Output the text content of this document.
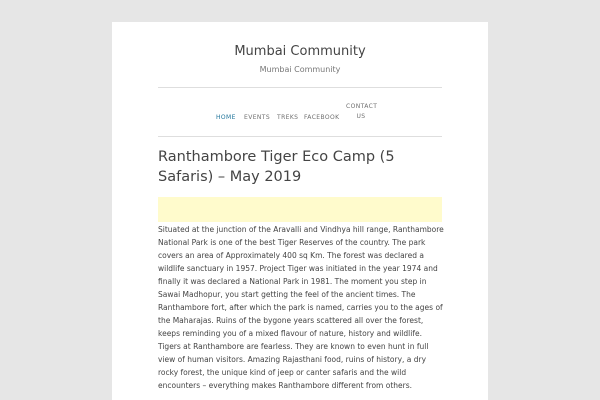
Mumbai Community
Mumbai Community
HOME EVENTS TREKS FACEBOOK
CONTACT
US
Ranthambore Tiger Eco Camp (5 Safaris) – May 2019

Situated at the junction of the Aravalli and Vindhya hill range, Ranthambore National Park is one of the best Tiger Reserves of the country. The park covers an area of Approximately 400 sq Km. The forest was declared a wildlife sanctuary in 1957. Project Tiger was initiated in the year 1974 and finally it was declared a National Park in 1981. The moment you step in Sawai Madhopur, you start getting the feel of the ancient times. The Ranthambore fort, after which the park is named, carries you to the ages of the Maharajas. Ruins of the bygone years scattered all over the forest, keeps reminding you of a mixed flavour of nature, history and wildlife. Tigers at Ranthambore are fearless. They are known to even hunt in full view of human visitors. Amazing Rajasthani food, ruins of history, a dry rocky forest, the unique kind of jeep or canter safaris and the wild encounters – everything makes Ranthambore different from others.
